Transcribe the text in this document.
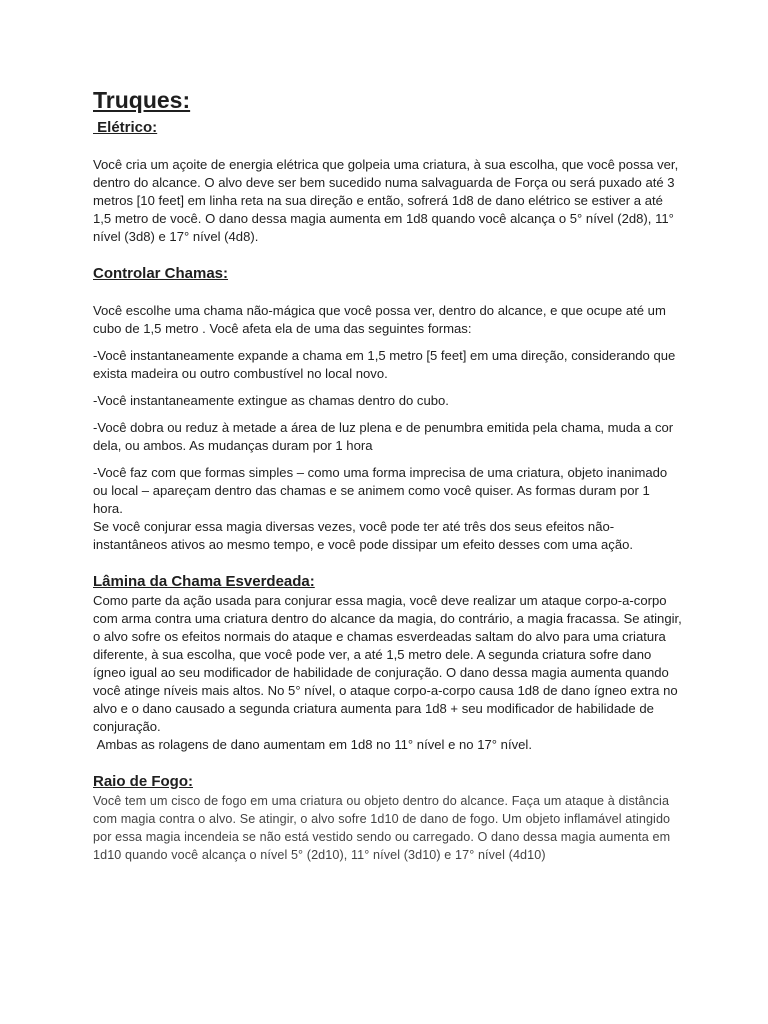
Truques:
Elétrico:

Você cria um açoite de energia elétrica que golpeia uma criatura, à sua escolha, que você possa ver, dentro do alcance. O alvo deve ser bem sucedido numa salvaguarda de Força ou será puxado até 3 metros [10 feet] em linha reta na sua direção e então, sofrerá 1d8 de dano elétrico se estiver a até 1,5 metro de você. O dano dessa magia aumenta em 1d8 quando você alcança o 5° nível (2d8), 11° nível (3d8) e 17° nível (4d8).

Controlar Chamas:

Você escolhe uma chama não-mágica que você possa ver, dentro do alcance, e que ocupe até um cubo de 1,5 metro . Você afeta ela de uma das seguintes formas:

-Você instantaneamente expande a chama em 1,5 metro [5 feet] em uma direção, considerando que exista madeira ou outro combustível no local novo.

-Você instantaneamente extingue as chamas dentro do cubo.

-Você dobra ou reduz à metade a área de luz plena e de penumbra emitida pela chama, muda a cor dela, ou ambos. As mudanças duram por 1 hora

-Você faz com que formas simples – como uma forma imprecisa de uma criatura, objeto inanimado ou local – apareçam dentro das chamas e se animem como você quiser. As formas duram por 1 hora.

Se você conjurar essa magia diversas vezes, você pode ter até três dos seus efeitos não-instantâneos ativos ao mesmo tempo, e você pode dissipar um efeito desses com uma ação.

Lâmina da Chama Esverdeada:

Como parte da ação usada para conjurar essa magia, você deve realizar um ataque corpo-a-corpo com arma contra uma criatura dentro do alcance da magia, do contrário, a magia fracassa. Se atingir, o alvo sofre os efeitos normais do ataque e chamas esverdeadas saltam do alvo para uma criatura diferente, à sua escolha, que você pode ver, a até 1,5 metro dele. A segunda criatura sofre dano ígneo igual ao seu modificador de habilidade de conjuração. O dano dessa magia aumenta quando você atinge níveis mais altos. No 5° nível, o ataque corpo-a-corpo causa 1d8 de dano ígneo extra no alvo e o dano causado a segunda criatura aumenta para 1d8 + seu modificador de habilidade de conjuração.

Ambas as rolagens de dano aumentam em 1d8 no 11° nível e no 17° nível.

Raio de Fogo:

Você tem um cisco de fogo em uma criatura ou objeto dentro do alcance. Faça um ataque à distância com magia contra o alvo. Se atingir, o alvo sofre 1d10 de dano de fogo. Um objeto inflamável atingido por essa magia incendeia se não está vestido sendo ou carregado. O dano dessa magia aumenta em 1d10 quando você alcança o nível 5° (2d10), 11° nível (3d10) e 17° nível (4d10)
